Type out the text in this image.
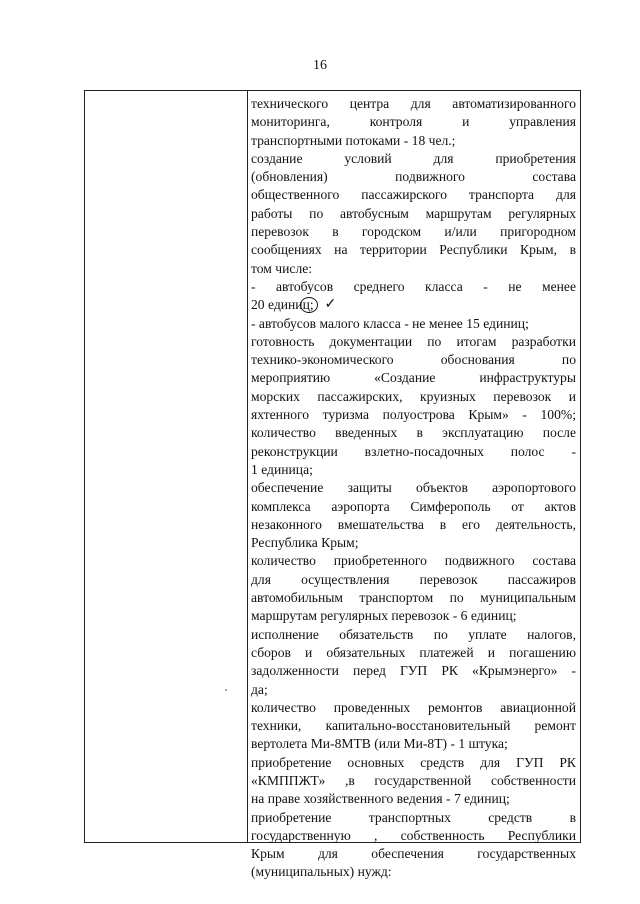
16
технического центра для автоматизированного
мониторинга, контроля и управления
транспортными потоками - 18 чел.;
создание условий для приобретения
(обновления) подвижного состава
общественного пассажирского транспорта для
работы по автобусным маршрутам регулярных
перевозок в городском и/или пригородном
сообщениях на территории Республики Крым, в
том числе:
- автобусов среднего класса - не менее
20 единиц; ✓
- автобусов малого класса - не менее 15 единиц;
готовность документации по итогам разработки
технико-экономического обоснования по
мероприятию «Создание инфраструктуры
морских пассажирских, круизных перевозок и
яхтенного туризма полуострова Крым» - 100%;
количество введенных в эксплуатацию после
реконструкции взлетно-посадочных полос -
1 единица;
обеспечение защиты объектов аэропортового
комплекса аэропорта Симферополь от актов
незаконного вмешательства в его деятельность,
Республика Крым;
количество приобретенного подвижного состава
для осуществления перевозок пассажиров
автомобильным транспортом по муниципальным
маршрутам регулярных перевозок - 6 единиц;
исполнение обязательств по уплате налогов,
сборов и обязательных платежей и погашению
задолженности перед ГУП РК «Крымэнерго» -
да;
количество проведенных ремонтов авиационной
техники, капитально-восстановительный ремонт
вертолета Ми-8МТВ (или Ми-8Т) - 1 штука;
приобретение основных средств для ГУП РК
«КМППЖТ» ,в государственной собственности
на праве хозяйственного ведения - 7 единиц;
приобретение транспортных средств в
государственную , собственность Республики
Крым для обеспечения государственных
(муниципальных) нужд:
